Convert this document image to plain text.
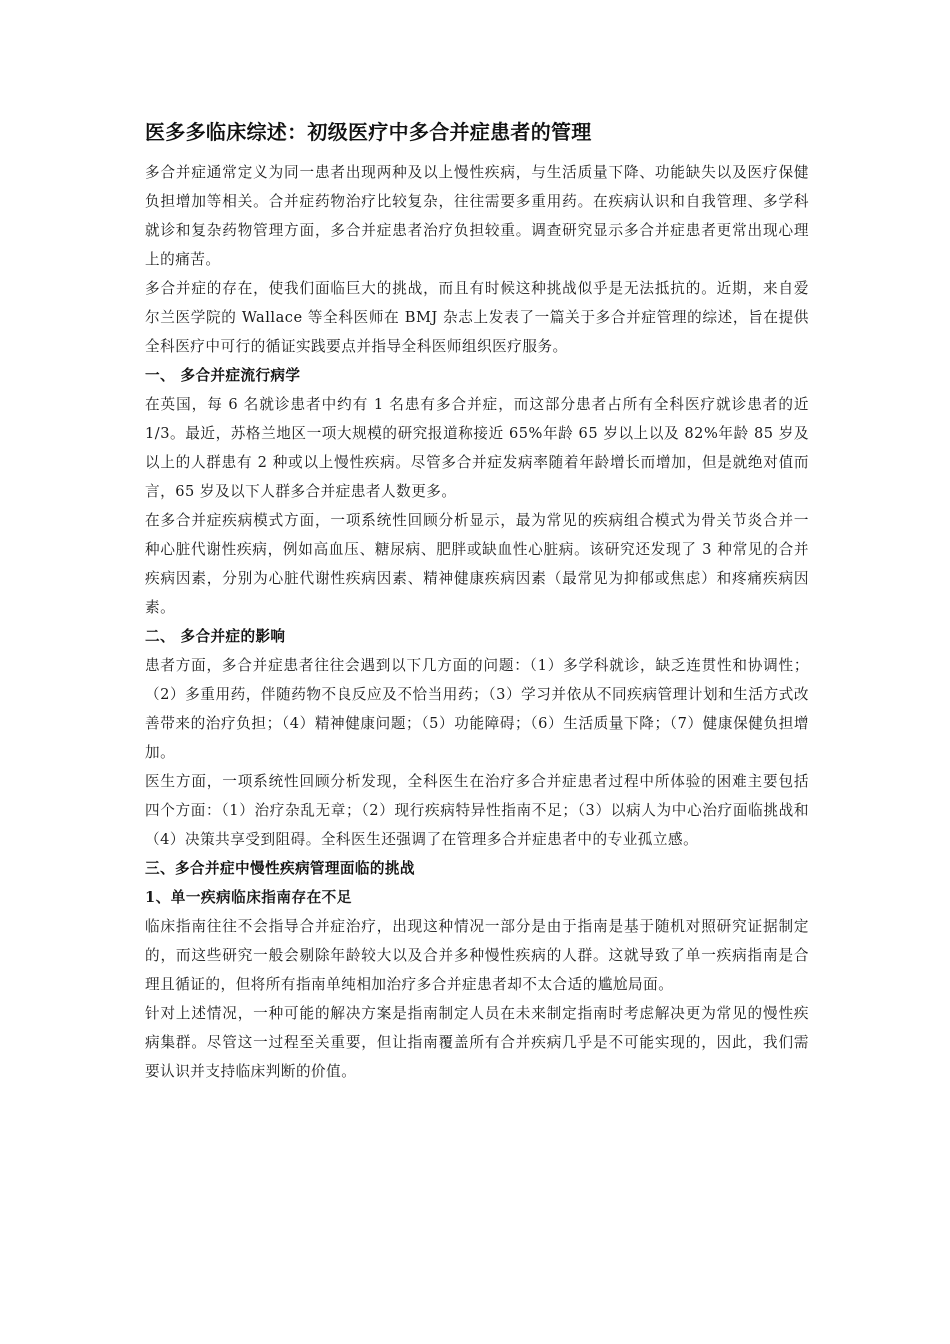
医多多临床综述：初级医疗中多合并症患者的管理

多合并症通常定义为同一患者出现两种及以上慢性疾病，与生活质量下降、功能缺失以及医疗保健负担增加等相关。合并症药物治疗比较复杂，往往需要多重用药。在疾病认识和自我管理、多学科就诊和复杂药物管理方面，多合并症患者治疗负担较重。调查研究显示多合并症患者更常出现心理上的痛苦。

多合并症的存在，使我们面临巨大的挑战，而且有时候这种挑战似乎是无法抵抗的。近期，来自爱尔兰医学院的 Wallace 等全科医师在 BMJ 杂志上发表了一篇关于多合并症管理的综述，旨在提供全科医疗中可行的循证实践要点并指导全科医师组织医疗服务。

一、 多合并症流行病学

在英国，每 6 名就诊患者中约有 1 名患有多合并症，而这部分患者占所有全科医疗就诊患者的近 1/3。最近，苏格兰地区一项大规模的研究报道称接近 65%年龄 65 岁以上以及 82%年龄 85 岁及以上的人群患有 2 种或以上慢性疾病。尽管多合并症发病率随着年龄增长而增加，但是就绝对值而言，65 岁及以下人群多合并症患者人数更多。

在多合并症疾病模式方面，一项系统性回顾分析显示，最为常见的疾病组合模式为骨关节炎合并一种心脏代谢性疾病，例如高血压、糖尿病、肥胖或缺血性心脏病。该研究还发现了 3 种常见的合并疾病因素，分别为心脏代谢性疾病因素、精神健康疾病因素（最常见为抑郁或焦虑）和疼痛疾病因素。

二、 多合并症的影响

患者方面，多合并症患者往往会遇到以下几方面的问题：（1）多学科就诊，缺乏连贯性和协调性；（2）多重用药，伴随药物不良反应及不恰当用药；（3）学习并依从不同疾病管理计划和生活方式改善带来的治疗负担；（4）精神健康问题；（5）功能障碍；（6）生活质量下降；（7）健康保健负担增加。

医生方面，一项系统性回顾分析发现，全科医生在治疗多合并症患者过程中所体验的困难主要包括四个方面：（1）治疗杂乱无章；（2）现行疾病特异性指南不足；（3）以病人为中心治疗面临挑战和（4）决策共享受到阻碍。全科医生还强调了在管理多合并症患者中的专业孤立感。

三、多合并症中慢性疾病管理面临的挑战
1、单一疾病临床指南存在不足

临床指南往往不会指导合并症治疗，出现这种情况一部分是由于指南是基于随机对照研究证据制定的，而这些研究一般会剔除年龄较大以及合并多种慢性疾病的人群。这就导致了单一疾病指南是合理且循证的，但将所有指南单纯相加治疗多合并症患者却不太合适的尴尬局面。

针对上述情况，一种可能的解决方案是指南制定人员在未来制定指南时考虑解决更为常见的慢性疾病集群。尽管这一过程至关重要，但让指南覆盖所有合并疾病几乎是不可能实现的，因此，我们需要认识并支持临床判断的价值。
